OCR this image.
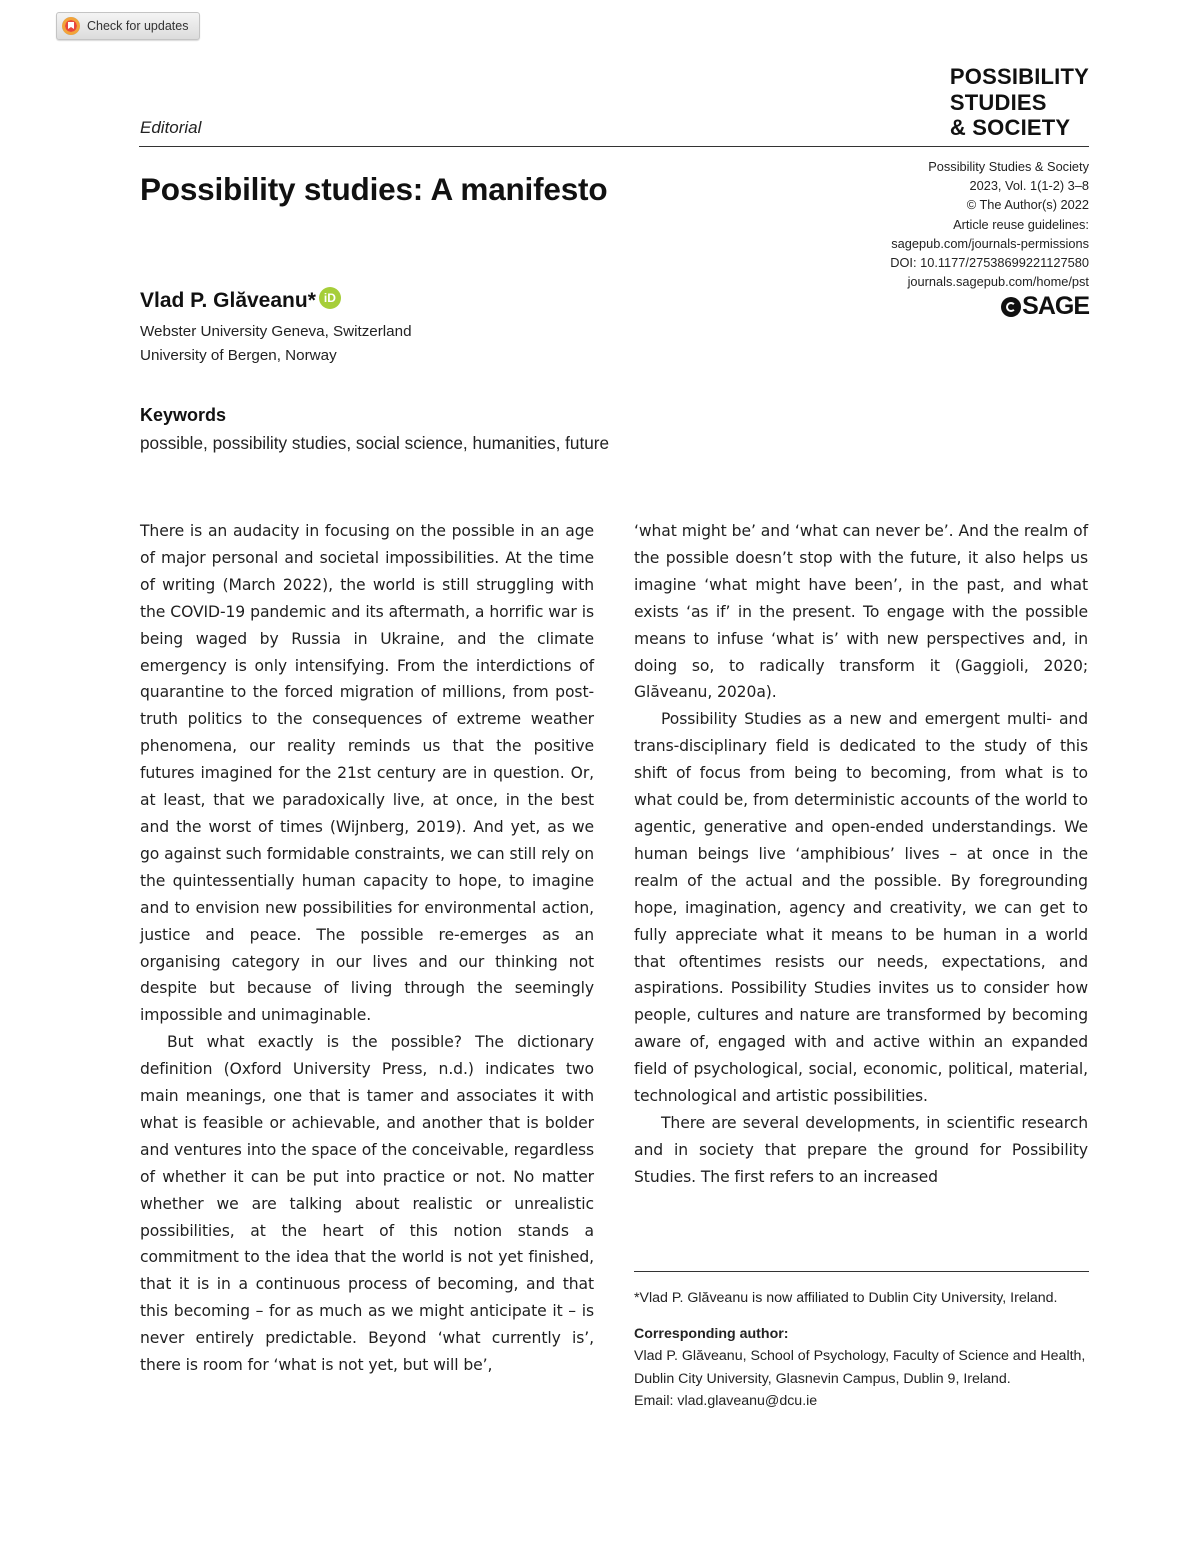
Check for updates
POSSIBILITY
STUDIES
& SOCIETY
Editorial
Possibility studies: A manifesto
Possibility Studies & Society
2023, Vol. 1(1-2) 3–8
© The Author(s) 2022
Article reuse guidelines:
sagepub.com/journals-permissions
DOI: 10.1177/27538699221127580
journals.sagepub.com/home/pst
SAGE
Vlad P. Glăveanu* iD
Webster University Geneva, Switzerland
University of Bergen, Norway
Keywords
possible, possibility studies, social science, humanities, future

There is an audacity in focusing on the possible in an age of major personal and societal impossibilities. At the time of writing (March 2022), the world is still struggling with the COVID-19 pandemic and its aftermath, a horrific war is being waged by Russia in Ukraine, and the climate emergency is only intensifying. From the interdictions of quarantine to the forced migration of millions, from post-truth politics to the consequences of extreme weather phenomena, our reality reminds us that the positive futures imagined for the 21st century are in question. Or, at least, that we paradoxically live, at once, in the best and the worst of times (Wijnberg, 2019). And yet, as we go against such formidable constraints, we can still rely on the quintessentially human capacity to hope, to imagine and to envision new possibilities for environmental action, justice and peace. The possible re-emerges as an organising category in our lives and our thinking not despite but because of living through the seemingly impossible and unimaginable.

But what exactly is the possible? The dictionary definition (Oxford University Press, n.d.) indicates two main meanings, one that is tamer and associates it with what is feasible or achievable, and another that is bolder and ventures into the space of the conceivable, regardless of whether it can be put into practice or not. No matter whether we are talking about realistic or unrealistic possibilities, at the heart of this notion stands a commitment to the idea that the world is not yet finished, that it is in a continuous process of becoming, and that this becoming – for as much as we might anticipate it – is never entirely predictable. Beyond ‘what currently is’, there is room for ‘what is not yet, but will be’,

‘what might be’ and ‘what can never be’. And the realm of the possible doesn’t stop with the future, it also helps us imagine ‘what might have been’, in the past, and what exists ‘as if’ in the present. To engage with the possible means to infuse ‘what is’ with new perspectives and, in doing so, to radically transform it (Gaggioli, 2020; Glăveanu, 2020a).

Possibility Studies as a new and emergent multi- and trans-disciplinary field is dedicated to the study of this shift of focus from being to becoming, from what is to what could be, from deterministic accounts of the world to agentic, generative and open-ended understandings. We human beings live ‘amphibious’ lives – at once in the realm of the actual and the possible. By foregrounding hope, imagination, agency and creativity, we can get to fully appreciate what it means to be human in a world that oftentimes resists our needs, expectations, and aspirations. Possibility Studies invites us to consider how people, cultures and nature are transformed by becoming aware of, engaged with and active within an expanded field of psychological, social, economic, political, material, technological and artistic possibilities.

There are several developments, in scientific research and in society that prepare the ground for Possibility Studies. The first refers to an increased

*Vlad P. Glăveanu is now affiliated to Dublin City University, Ireland.
Corresponding author:
Vlad P. Glăveanu, School of Psychology, Faculty of Science and Health, Dublin City University, Glasnevin Campus, Dublin 9, Ireland.
Email: vlad.glaveanu@dcu.ie
